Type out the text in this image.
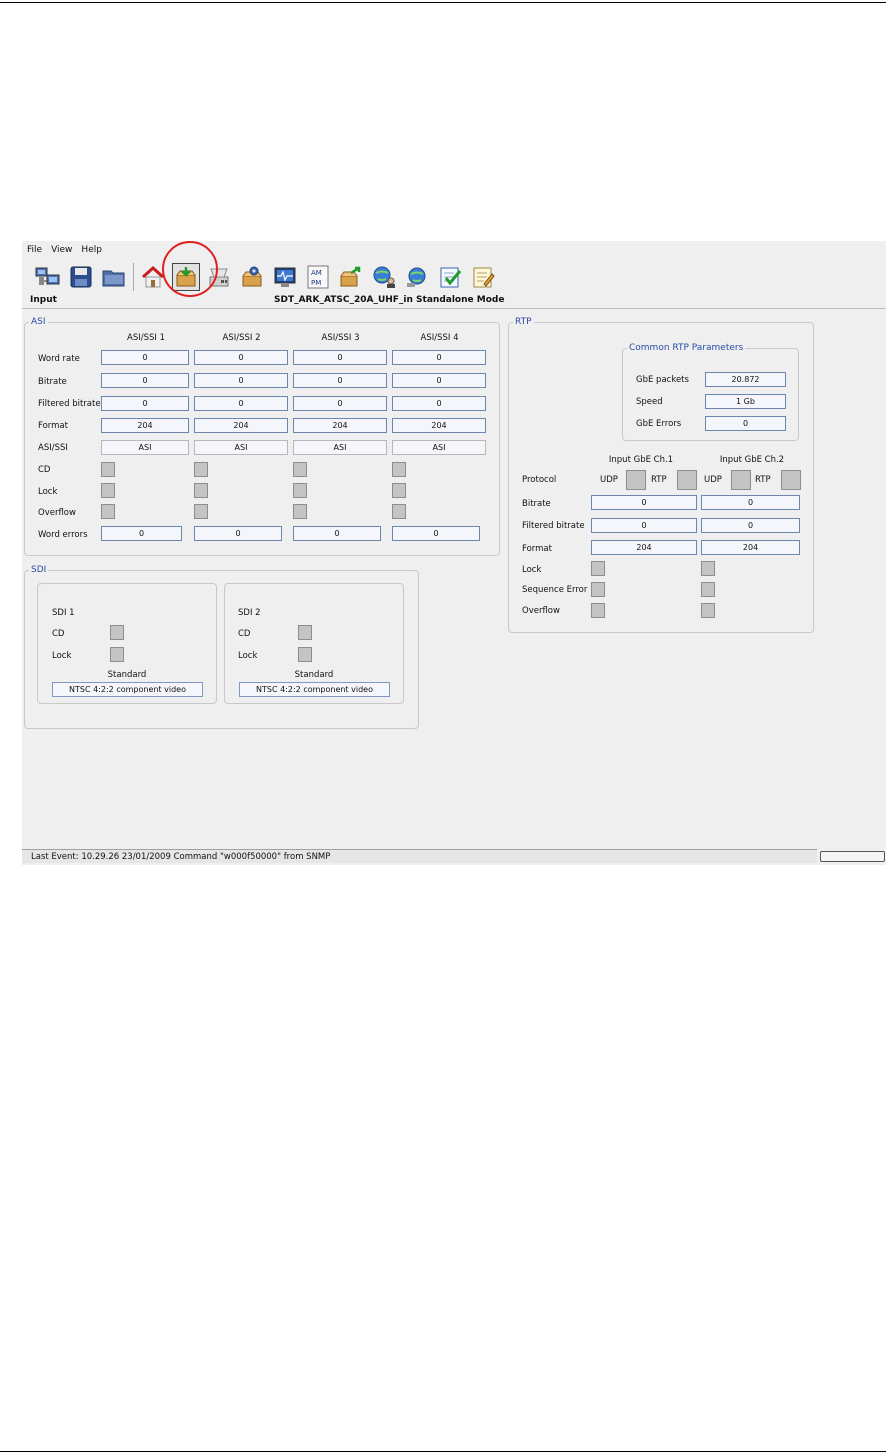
File View Help
AM
PM
Input	SDT_ARK_ATSC_20A_UHF_in Standalone Mode
ASI
ASI/SSI 1	ASI/SSI 2	ASI/SSI 3	ASI/SSI 4
Word rate	0	0	0	0
Bitrate	0	0	0	0
Filtered bitrate	0	0	0	0
Format	204	204	204	204
ASI/SSI	ASI	ASI	ASI	ASI
CD
Lock
Overflow
Word errors	0	0	0	0
SDI
SDI 1
CD
Lock
Standard
NTSC 4:2:2 component video
SDI 2
CD
Lock
Standard
NTSC 4:2:2 component video
RTP
Common RTP Parameters
GbE packets	20.872
Speed	1 Gb
GbE Errors	0
Input GbE Ch.1	Input GbE Ch.2
Protocol	UDP	RTP	UDP	RTP
Bitrate	0	0
Filtered bitrate	0	0
Format	204	204
Lock
Sequence Error
Overflow
Last Event: 10.29.26 23/01/2009 Command "w000f50000" from SNMP
